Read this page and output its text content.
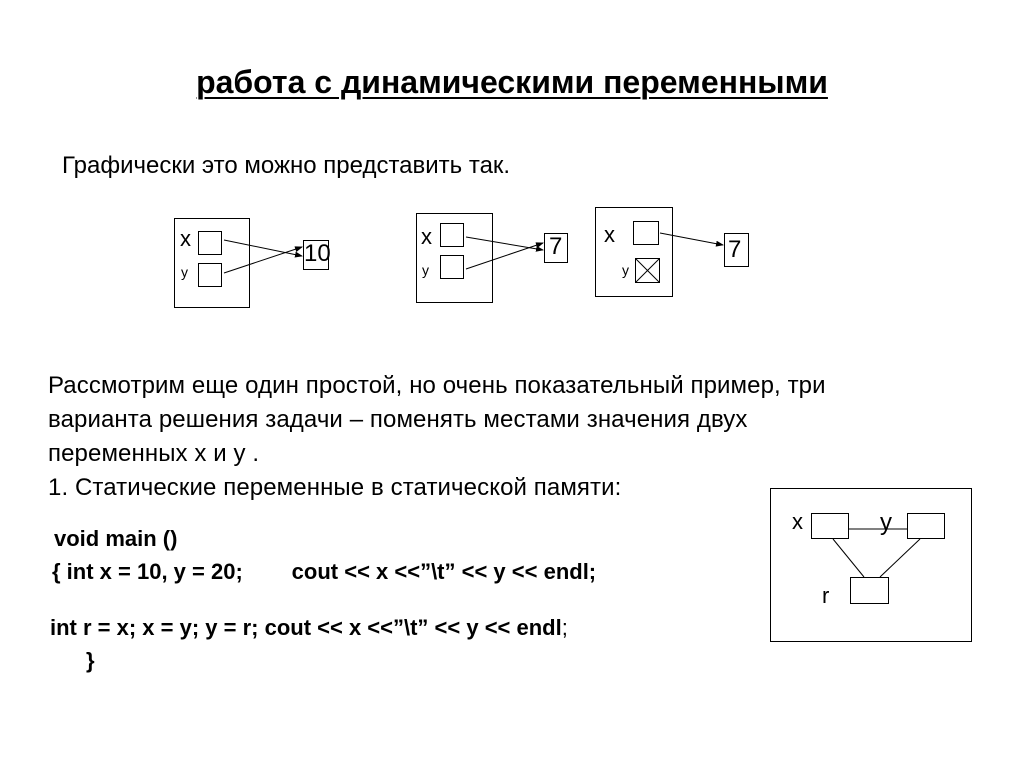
работа с динамическими переменными
Графически это можно представить так.
x
y
10
x
y
7 x
y
7
Рассмотрим еще один простой, но очень показательный пример, три
варианта решения задачи – поменять местами значения двух
переменных x и y .
1. Статические переменные в статической памяти:
void main ()
{ int x = 10, y = 20;        cout << x <<”\t” << y << endl;
int r = x; x = y; y = r; cout << x <<”\t” << y << endl;
}
x	y
r
